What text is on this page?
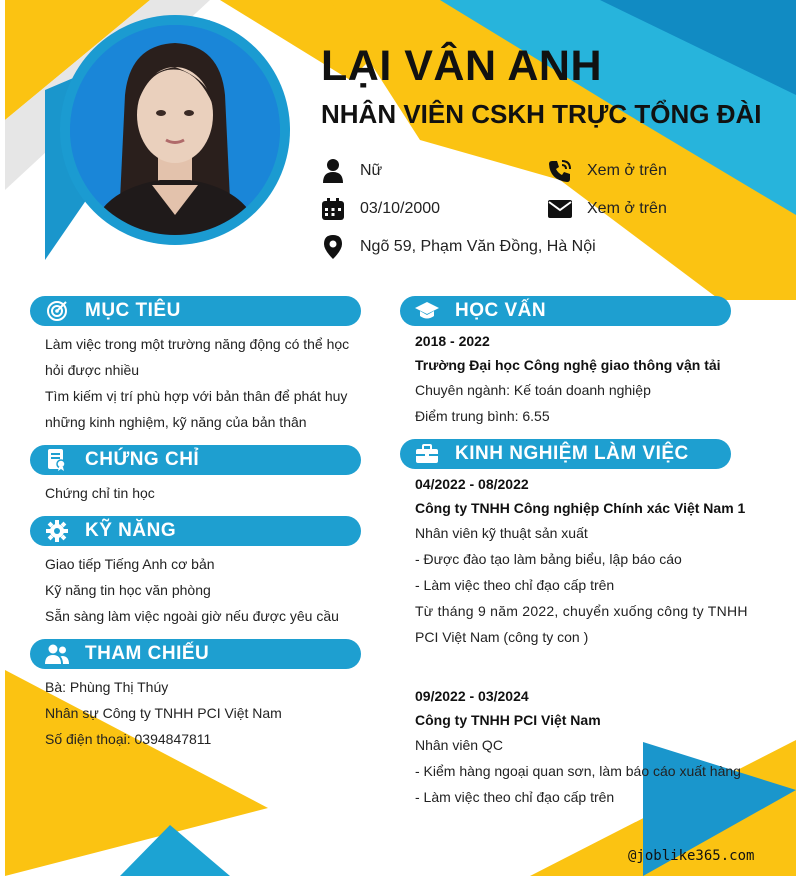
LẠI VÂN ANH
NHÂN VIÊN CSKH TRỰC TỔNG ĐÀI
Nữ
03/10/2000
Ngõ 59, Phạm Văn Đồng, Hà Nội
Xem ở trên
Xem ở trên
MỤC TIÊU
Làm việc trong một trường năng động có thể học
hỏi được nhiều
Tìm kiếm vị trí phù hợp với bản thân để phát huy
những kinh nghiệm, kỹ năng của bản thân
CHỨNG CHỈ
Chứng chỉ tin học
KỸ NĂNG
Giao tiếp Tiếng Anh cơ bản
Kỹ năng tin học văn phòng
Sẵn sàng làm việc ngoài giờ nếu được yêu cầu
THAM CHIẾU
Bà: Phùng Thị Thúy
Nhân sự Công ty TNHH PCI Việt Nam
Số điện thoại: 0394847811
HỌC VẤN
2018 - 2022
Trường Đại học Công nghệ giao thông vận tải
Chuyên ngành: Kế toán doanh nghiệp
Điểm trung bình: 6.55
KINH NGHIỆM LÀM VIỆC
04/2022 - 08/2022
Công ty TNHH Công nghiệp Chính xác Việt Nam 1
Nhân viên kỹ thuật sản xuất
- Được đào tạo làm bảng biểu, lập báo cáo
- Làm việc theo chỉ đạo cấp trên
Từ tháng 9 năm 2022, chuyển xuống công ty TNHH
PCI Việt Nam (công ty con )
09/2022 - 03/2024
Công ty TNHH PCI Việt Nam
Nhân viên QC
- Kiểm hàng ngoại quan sơn, làm báo cáo xuất hàng
- Làm việc theo chỉ đạo cấp trên
@joblike365.com
